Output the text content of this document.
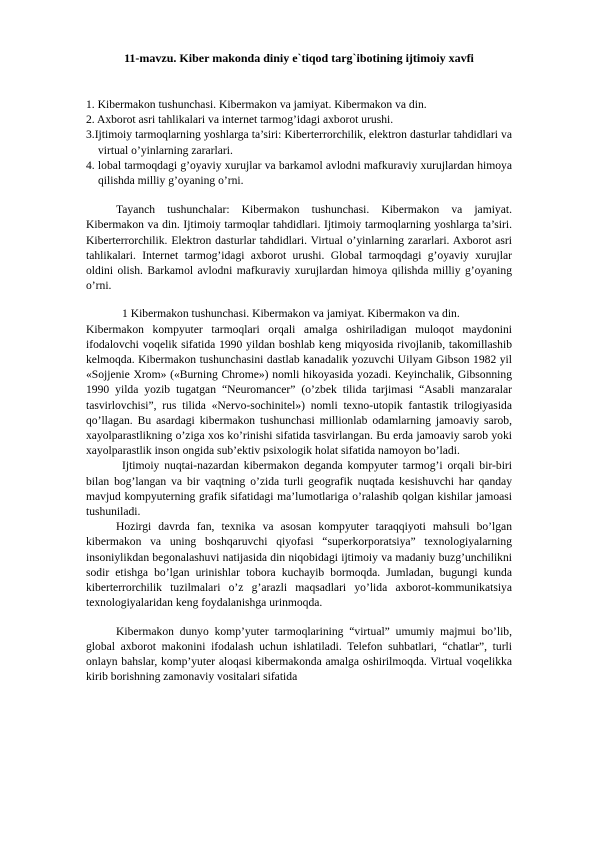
11-mavzu. Kiber makonda diniy e`tiqod targ`ibotining ijtimoiy xavfi
1. Kibermakon tushunchasi. Kibermakon va jamiyat. Kibermakon va din.
2. Axborot asri tahlikalari va internet tarmog’idagi axborot urushi.
3.Ijtimoiy tarmoqlarning yoshlarga ta’siri: Kiberterrorchilik, elektron dasturlar tahdidlari va virtual o’yinlarning zararlari.
4. lobal tarmoqdagi g’oyaviy xurujlar va barkamol avlodni mafkuraviy xurujlardan himoya qilishda milliy g’oyaning o’rni.

Tayanch tushunchalar: Kibermakon tushunchasi. Kibermakon va jamiyat. Kibermakon va din. Ijtimoiy tarmoqlar tahdidlari. Ijtimoiy tarmoqlarning yoshlarga ta’siri. Kiberterrorchilik. Elektron dasturlar tahdidlari. Virtual o’yinlarning zararlari. Axborot asri tahlikalari. Internet tarmog’idagi axborot urushi. Global tarmoqdagi g’oyaviy xurujlar oldini olish. Barkamol avlodni mafkuraviy xurujlardan himoya qilishda milliy g’oyaning o’rni.

1 Kibermakon tushunchasi. Kibermakon va jamiyat. Kibermakon va din.

Kibermakon kompyuter tarmoqlari orqali amalga oshiriladigan muloqot maydonini ifodalovchi voqelik sifatida 1990 yildan boshlab keng miqyosida rivojlanib, takomillashib kelmoqda. Kibermakon tushunchasini dastlab kanadalik yozuvchi Uilyam Gibson 1982 yil «Sojjenie Xrom» («Burning Chrome») nomli hikoyasida yozadi. Keyinchalik, Gibsonning 1990 yilda yozib tugatgan “Neuromancer” (o’zbek tilida tarjimasi “Asabli manzaralar tasvirlovchisi”, rus tilida «Nervo-sochinitel») nomli texno-utopik fantastik trilogiyasida qo’llagan. Bu asardagi kibermakon tushunchasi millionlab odamlarning jamoaviy sarob, xayolparastlikning o’ziga xos ko’rinishi sifatida tasvirlangan. Bu erda jamoaviy sarob yoki xayolparastlik inson ongida sub’ektiv psixologik holat sifatida namoyon bo’ladi.

Ijtimoiy nuqtai-nazardan kibermakon deganda kompyuter tarmog’i orqali bir-biri bilan bog’langan va bir vaqtning o’zida turli geografik nuqtada kesishuvchi har qanday mavjud kompyuterning grafik sifatidagi ma’lumotlariga o’ralashib qolgan kishilar jamoasi tushuniladi.

Hozirgi davrda fan, texnika va asosan kompyuter taraqqiyoti mahsuli bo’lgan kibermakon va uning boshqaruvchi qiyofasi “superkorporatsiya” texnologiyalarning insoniylikdan begonalashuvi natijasida din niqobidagi ijtimoiy va madaniy buzg’unchilikni sodir etishga bo’lgan urinishlar tobora kuchayib bormoqda. Jumladan, bugungi kunda kiberterrorchilik tuzilmalari o’z g’arazli maqsadlari yo’lida axborot-kommunikatsiya texnologiyalaridan keng foydalanishga urinmoqda.

Kibermakon dunyo komp’yuter tarmoqlarining “virtual” umumiy majmui bo’lib, global axborot makonini ifodalash uchun ishlatiladi. Telefon suhbatlari, “chatlar”, turli onlayn bahslar, komp’yuter aloqasi kibermakonda amalga oshirilmoqda. Virtual voqelikka kirib borishning zamonaviy vositalari sifatida
